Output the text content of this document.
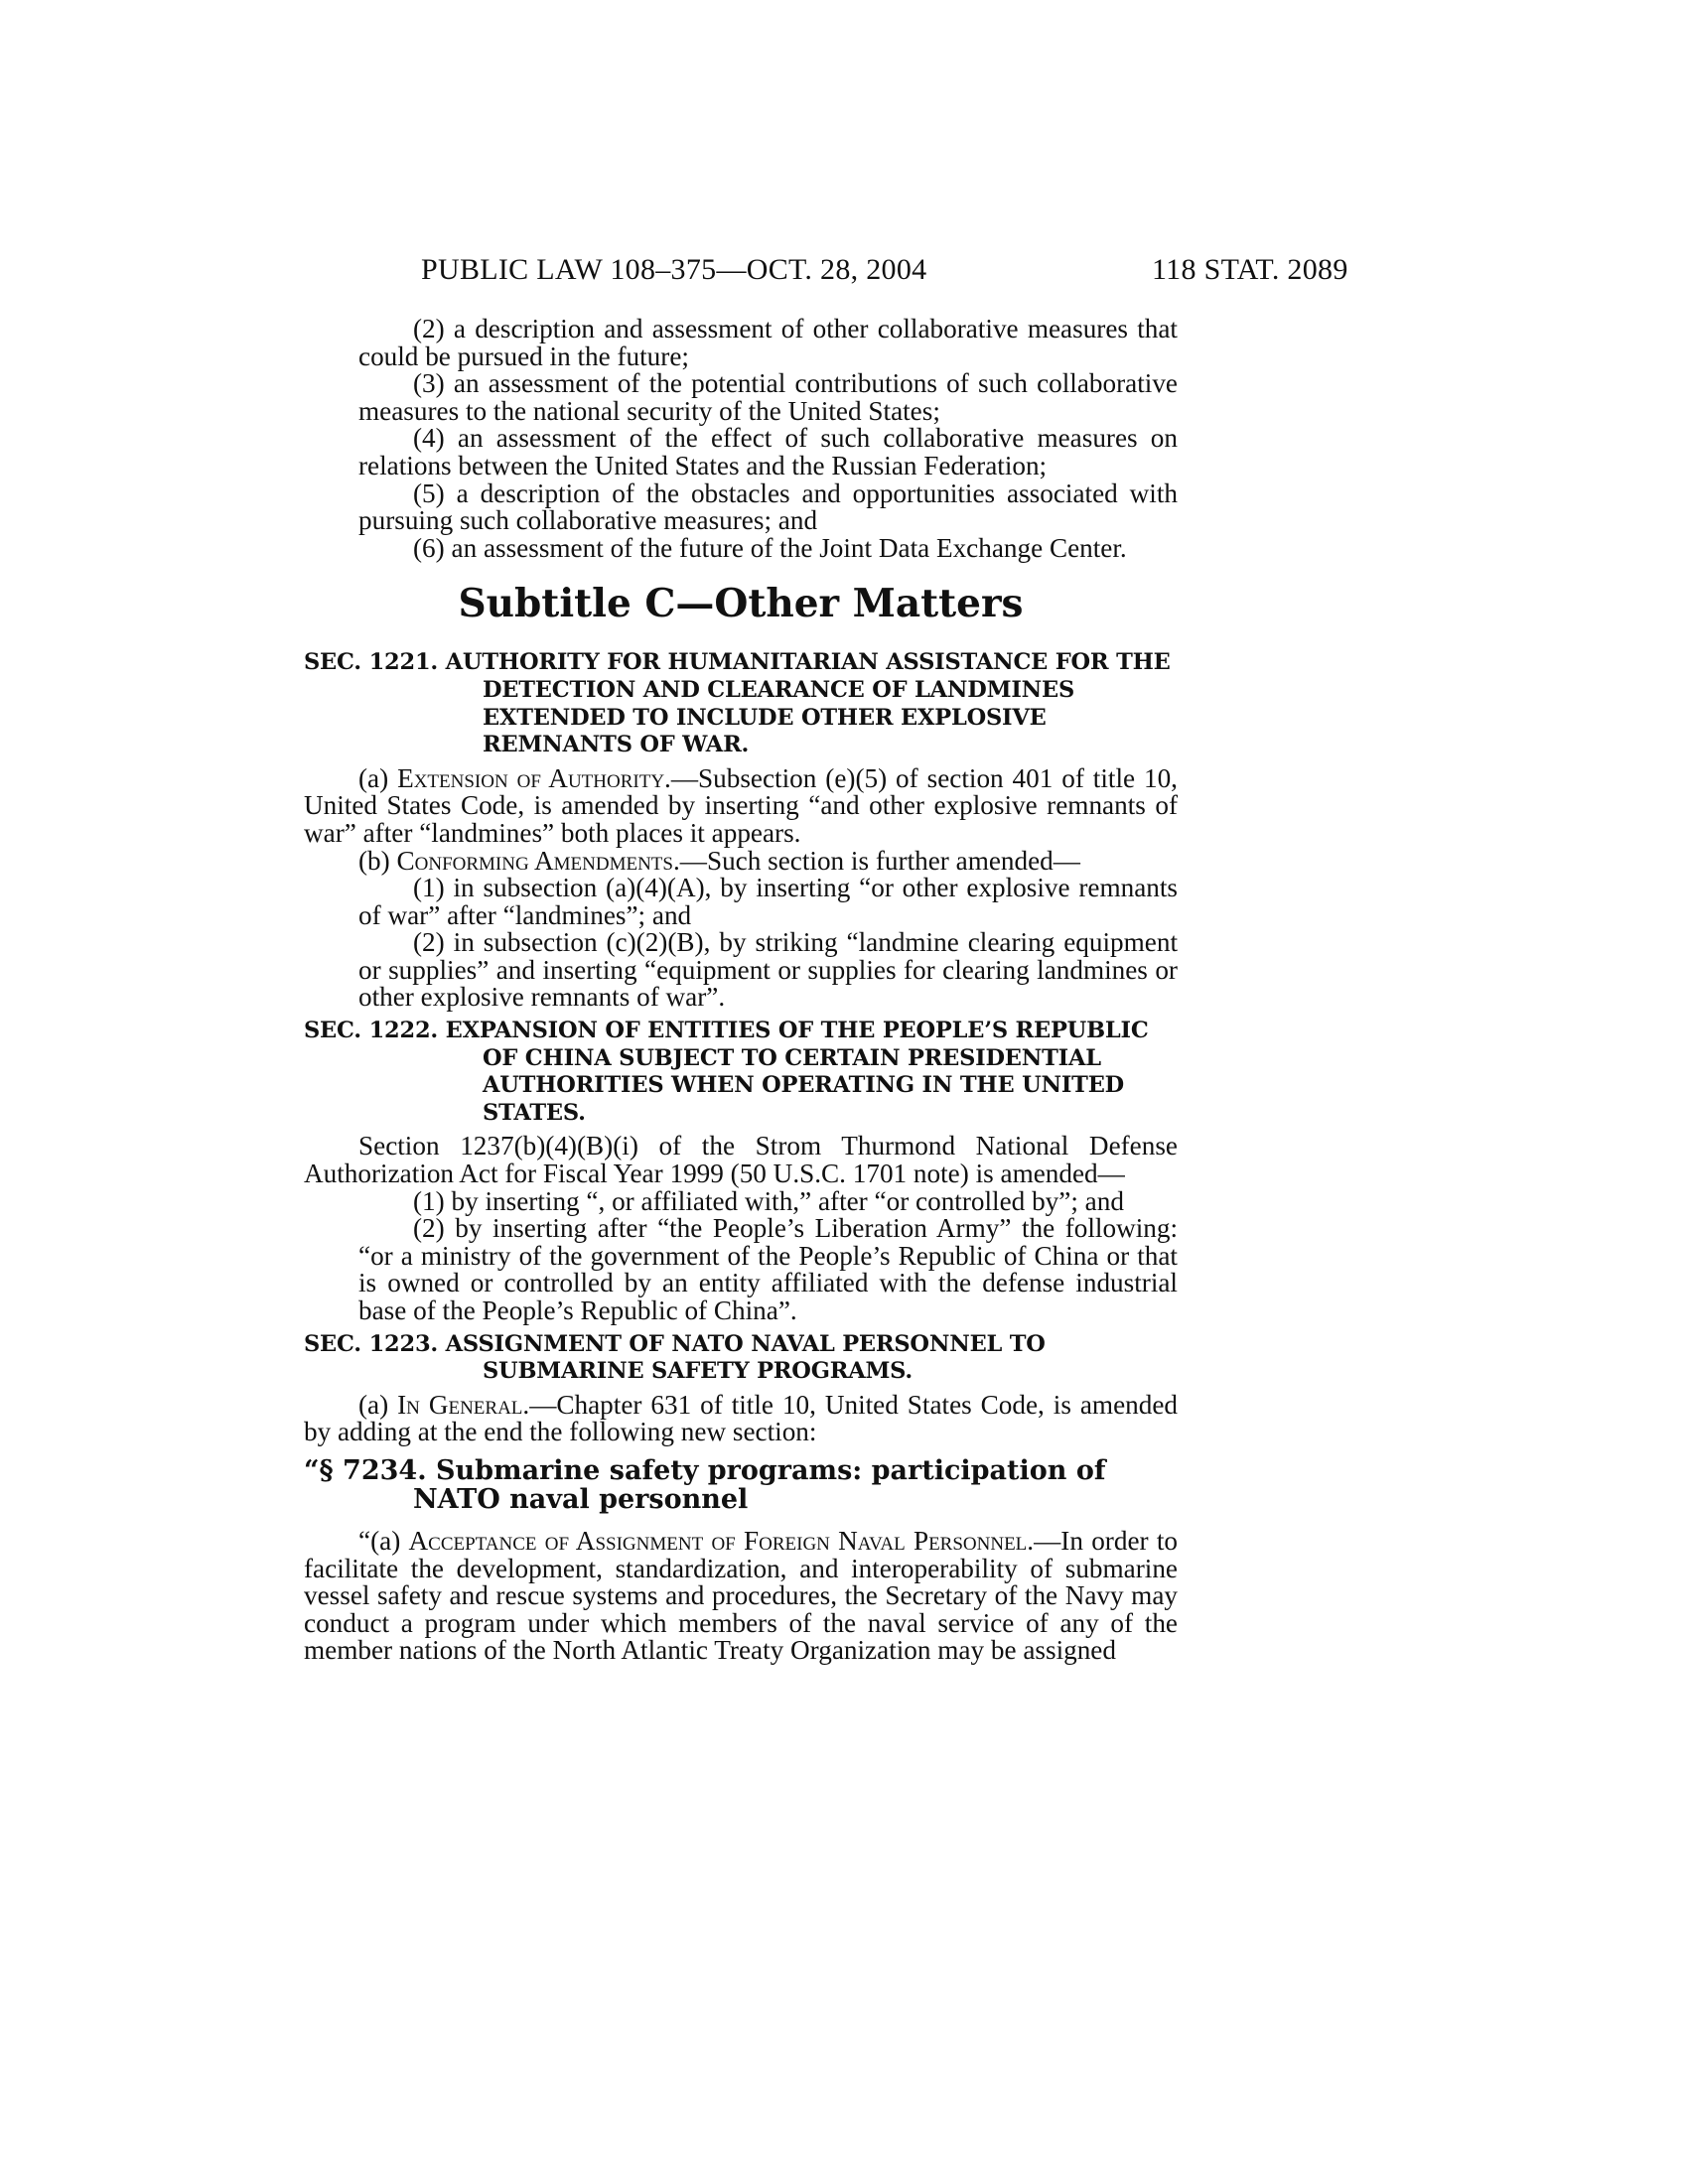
PUBLIC LAW 108–375—OCT. 28, 2004	118 STAT. 2089

(2) a description and assessment of other collaborative measures that could be pursued in the future;

(3) an assessment of the potential contributions of such collaborative measures to the national security of the United States;

(4) an assessment of the effect of such collaborative measures on relations between the United States and the Russian Federation;

(5) a description of the obstacles and opportunities associated with pursuing such collaborative measures; and

(6) an assessment of the future of the Joint Data Exchange Center.

Subtitle C—Other Matters

SEC. 1221. AUTHORITY FOR HUMANITARIAN ASSISTANCE FOR THE DETECTION AND CLEARANCE OF LANDMINES EXTENDED TO INCLUDE OTHER EXPLOSIVE REMNANTS OF WAR.

(a) Extension of Authority.—Subsection (e)(5) of section 401 of title 10, United States Code, is amended by inserting “and other explosive remnants of war” after “landmines” both places it appears.

(b) Conforming Amendments.—Such section is further amended—

(1) in subsection (a)(4)(A), by inserting “or other explosive remnants of war” after “landmines”; and

(2) in subsection (c)(2)(B), by striking “landmine clearing equipment or supplies” and inserting “equipment or supplies for clearing landmines or other explosive remnants of war”.

SEC. 1222. EXPANSION OF ENTITIES OF THE PEOPLE’S REPUBLIC OF CHINA SUBJECT TO CERTAIN PRESIDENTIAL AUTHORITIES WHEN OPERATING IN THE UNITED STATES.

Section 1237(b)(4)(B)(i) of the Strom Thurmond National Defense Authorization Act for Fiscal Year 1999 (50 U.S.C. 1701 note) is amended—

(1) by inserting “, or affiliated with,” after “or controlled by”; and

(2) by inserting after “the People’s Liberation Army” the following: “or a ministry of the government of the People’s Republic of China or that is owned or controlled by an entity affiliated with the defense industrial base of the People’s Republic of China”.

SEC. 1223. ASSIGNMENT OF NATO NAVAL PERSONNEL TO SUBMARINE SAFETY PROGRAMS.

(a) In General.—Chapter 631 of title 10, United States Code, is amended by adding at the end the following new section:

“§ 7234. Submarine safety programs: participation of NATO naval personnel

“(a) Acceptance of Assignment of Foreign Naval Personnel.—In order to facilitate the development, standardization, and interoperability of submarine vessel safety and rescue systems and procedures, the Secretary of the Navy may conduct a program under which members of the naval service of any of the member nations of the North Atlantic Treaty Organization may be assigned
